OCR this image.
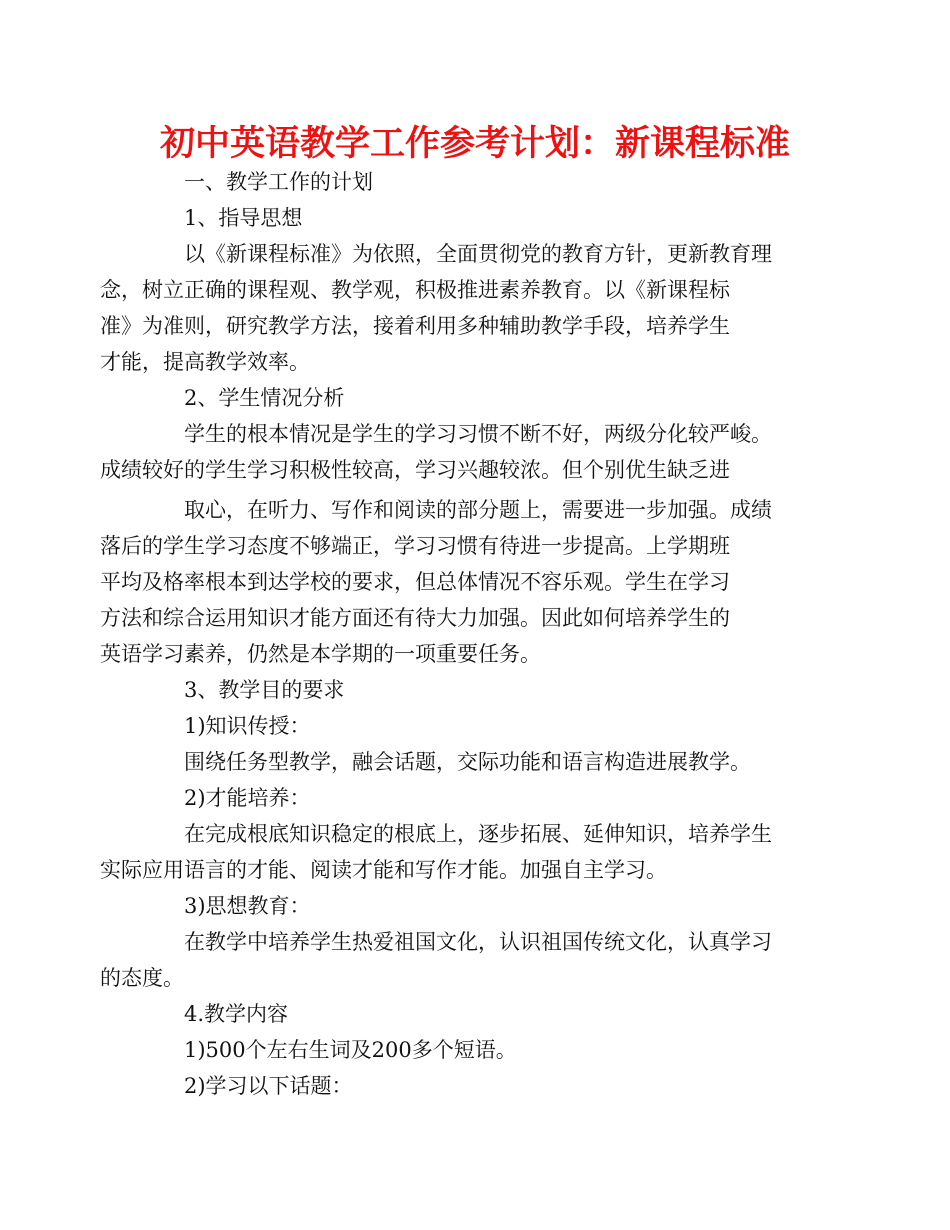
初中英语教学工作参考计划：新课程标准

一、教学工作的计划

1、指导思想

以《新课程标准》为依照，全面贯彻党的教育方针，更新教育理
念，树立正确的课程观、教学观，积极推进素养教育。以《新课程标
准》为准则，研究教学方法，接着利用多种辅助教学手段，培养学生
才能，提高教学效率。

2、学生情况分析

学生的根本情况是学生的学习习惯不断不好，两级分化较严峻。
成绩较好的学生学习积极性较高，学习兴趣较浓。但个别优生缺乏进

取心，在听力、写作和阅读的部分题上，需要进一步加强。成绩
落后的学生学习态度不够端正，学习习惯有待进一步提高。上学期班
平均及格率根本到达学校的要求，但总体情况不容乐观。学生在学习
方法和综合运用知识才能方面还有待大力加强。因此如何培养学生的
英语学习素养，仍然是本学期的一项重要任务。

3、教学目的要求

1)知识传授：

围绕任务型教学，融会话题，交际功能和语言构造进展教学。

2)才能培养：

在完成根底知识稳定的根底上，逐步拓展、延伸知识，培养学生
实际应用语言的才能、阅读才能和写作才能。加强自主学习。

3)思想教育：

在教学中培养学生热爱祖国文化，认识祖国传统文化，认真学习
的态度。

4.教学内容

1)500个左右生词及200多个短语。

2)学习以下话题：
